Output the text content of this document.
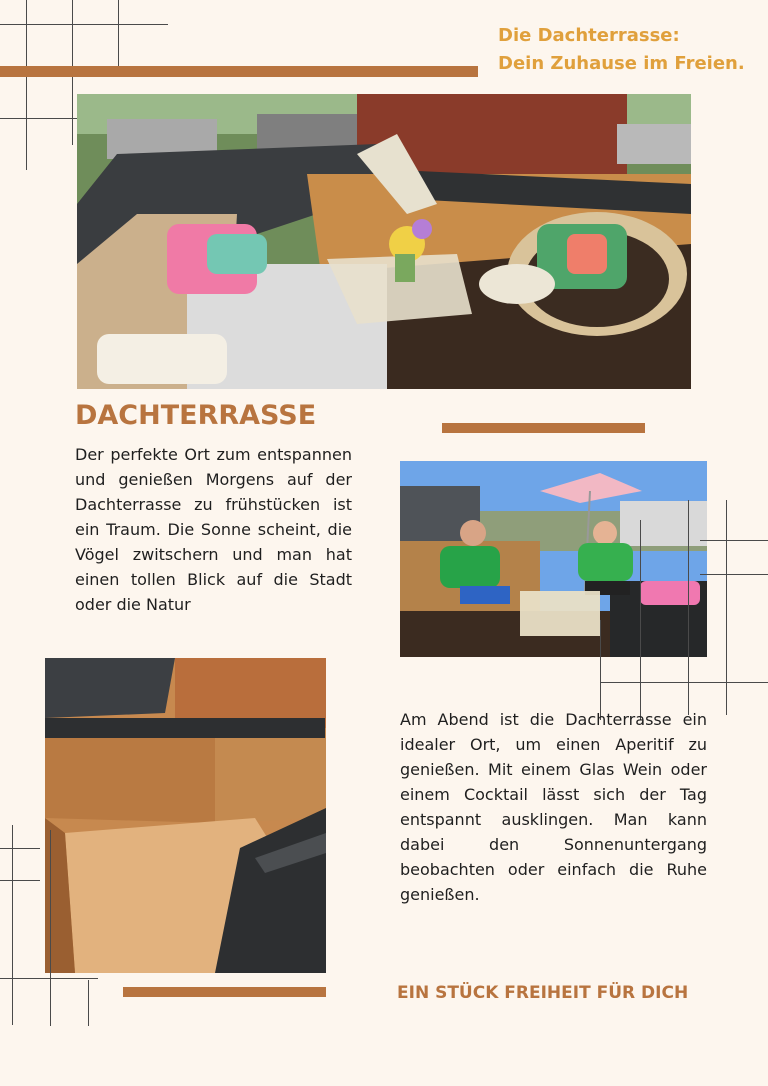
Die Dachterrasse:
Dein Zuhause im Freien.
DACHTERRASSE
Der perfekte Ort zum entspannen und genießen Morgens auf der Dachterrasse zu frühstücken ist ein Traum. Die Sonne scheint, die Vögel zwitschern und man hat einen tollen Blick auf die Stadt oder die Natur
Am Abend ist die Dachterrasse ein idealer Ort, um einen Aperitif zu genießen. Mit einem Glas Wein oder einem Cocktail lässt sich der Tag entspannt ausklingen. Man kann dabei den Sonnenuntergang beobachten oder einfach die Ruhe genießen.
EIN STÜCK FREIHEIT FÜR DICH
